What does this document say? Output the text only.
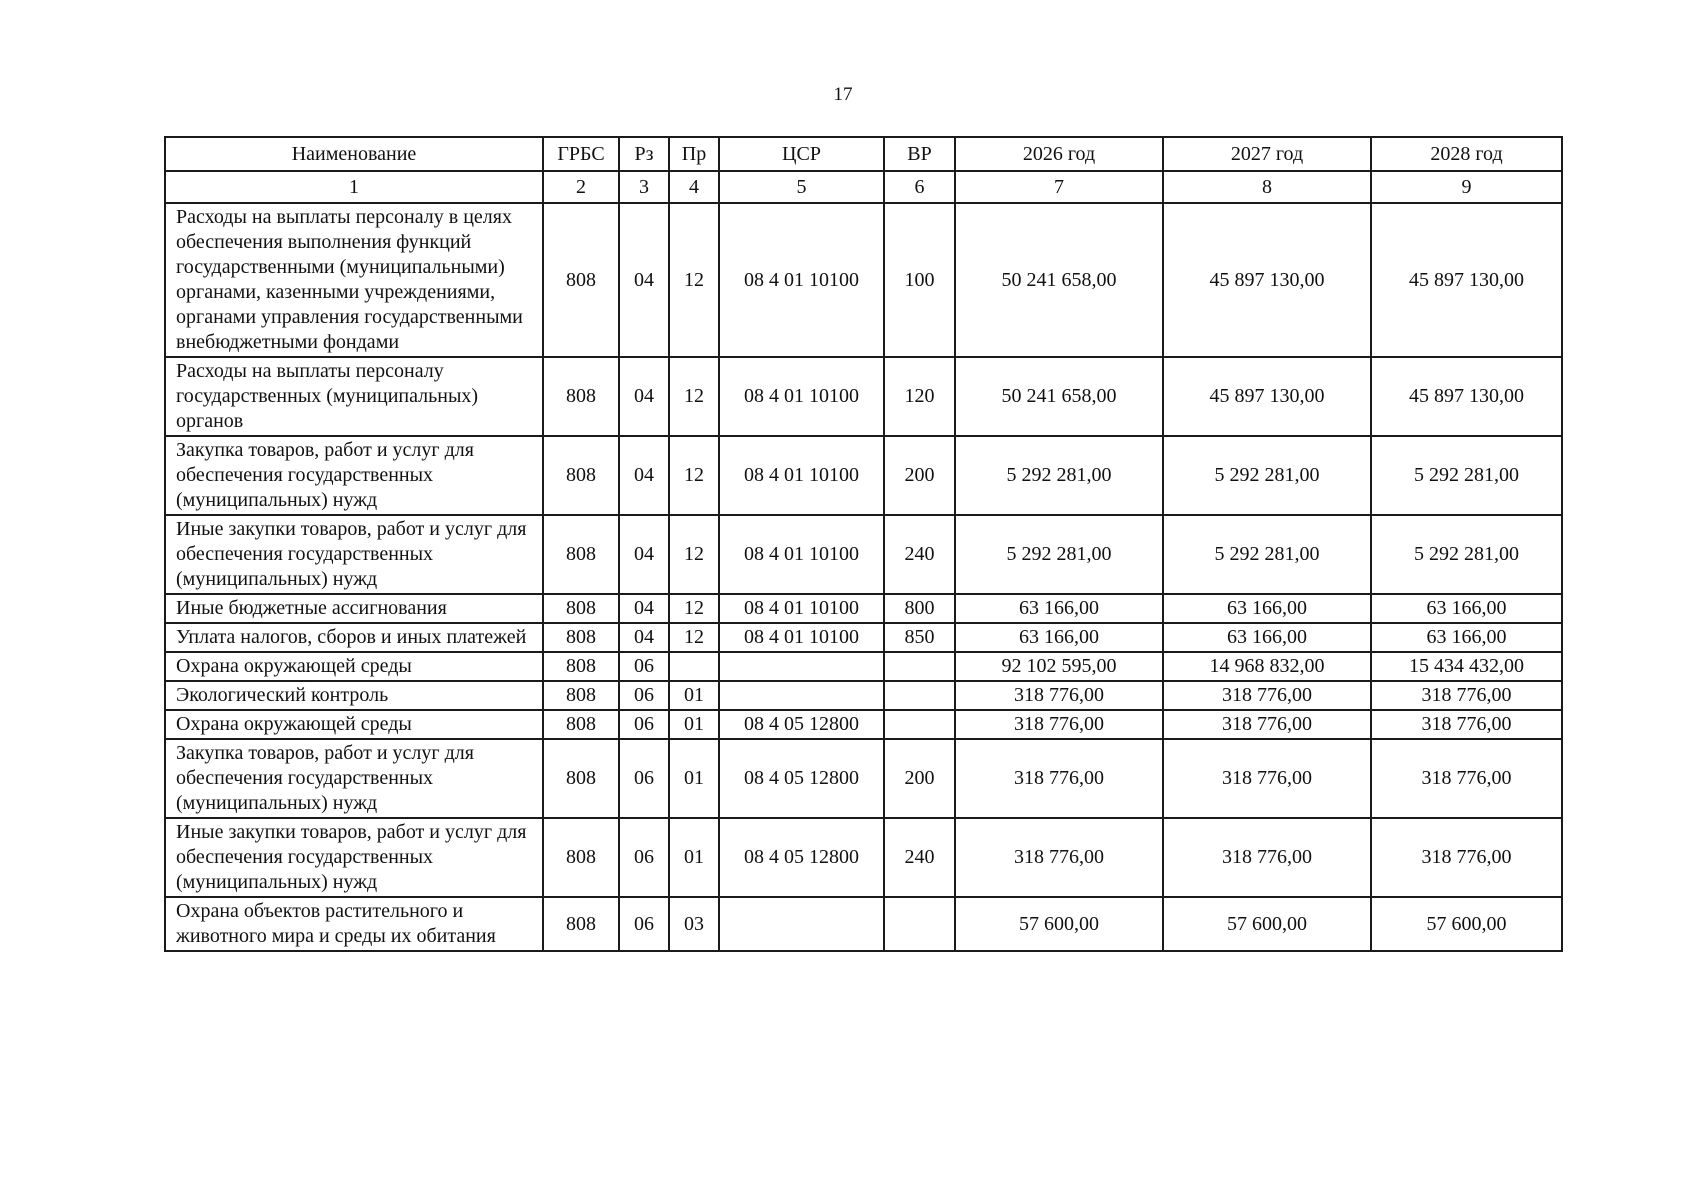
17
Наименование	ГРБС	Рз	Пр	ЦСР	ВР	2026 год	2027 год	2028 год
1	2	3	4	5	6	7	8	9
Расходы на выплаты персоналу в целях обеспечения выполнения функций государственными (муниципальными) органами, казенными учреждениями, органами управления государственными внебюджетными фондами	808	04	12	08 4 01 10100	100	50 241 658,00	45 897 130,00	45 897 130,00
Расходы на выплаты персоналу государственных (муниципальных) органов	808	04	12	08 4 01 10100	120	50 241 658,00	45 897 130,00	45 897 130,00
Закупка товаров, работ и услуг для обеспечения государственных (муниципальных) нужд	808	04	12	08 4 01 10100	200	5 292 281,00	5 292 281,00	5 292 281,00
Иные закупки товаров, работ и услуг для обеспечения государственных (муниципальных) нужд	808	04	12	08 4 01 10100	240	5 292 281,00	5 292 281,00	5 292 281,00
Иные бюджетные ассигнования	808	04	12	08 4 01 10100	800	63 166,00	63 166,00	63 166,00
Уплата налогов, сборов и иных платежей	808	04	12	08 4 01 10100	850	63 166,00	63 166,00	63 166,00
Охрана окружающей среды	808	06				92 102 595,00	14 968 832,00	15 434 432,00
Экологический контроль	808	06	01			318 776,00	318 776,00	318 776,00
Охрана окружающей среды	808	06	01	08 4 05 12800		318 776,00	318 776,00	318 776,00
Закупка товаров, работ и услуг для обеспечения государственных (муниципальных) нужд	808	06	01	08 4 05 12800	200	318 776,00	318 776,00	318 776,00
Иные закупки товаров, работ и услуг для обеспечения государственных (муниципальных) нужд	808	06	01	08 4 05 12800	240	318 776,00	318 776,00	318 776,00
Охрана объектов растительного и животного мира и среды их обитания	808	06	03			57 600,00	57 600,00	57 600,00
